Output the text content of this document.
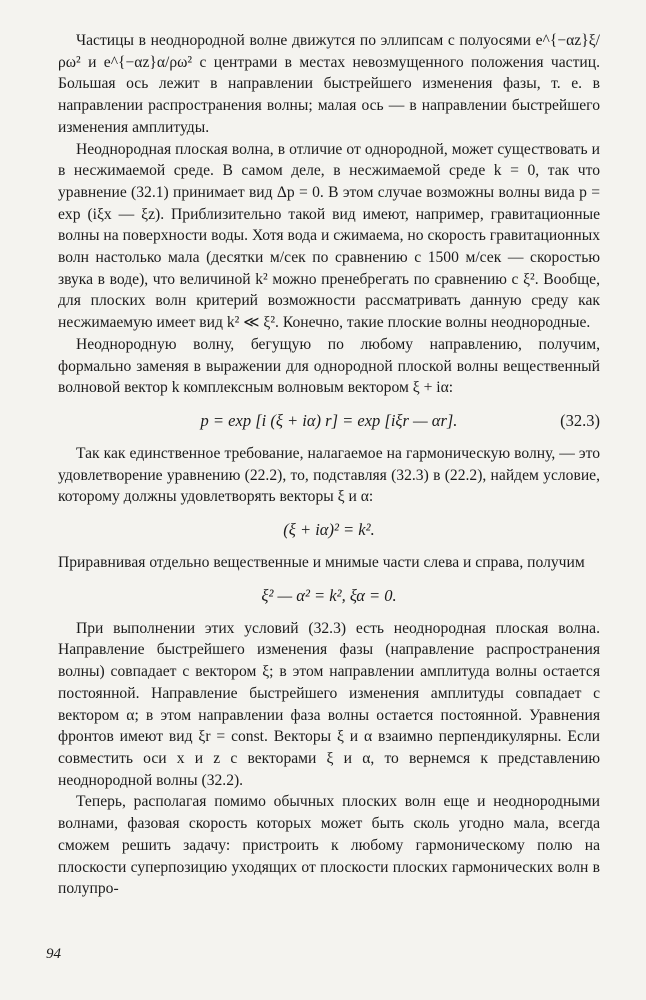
Частицы в неоднородной волне движутся по эллипсам с полуосями e^{−αz}ξ/ρω² и e^{−αz}α/ρω² с центрами в местах невозмущенного положения частиц. Большая ось лежит в направлении быстрейшего изменения фазы, т. е. в направлении распространения волны; малая ось — в направлении быстрейшего изменения амплитуды.

Неоднородная плоская волна, в отличие от однородной, может существовать и в несжимаемой среде. В самом деле, в несжимаемой среде k = 0, так что уравнение (32.1) принимает вид Δp = 0. В этом случае возможны волны вида p = exp (iξx — ξz). Приблизительно такой вид имеют, например, гравитационные волны на поверхности воды. Хотя вода и сжимаема, но скорость гравитационных волн настолько мала (десятки м/сек по сравнению с 1500 м/сек — скоростью звука в воде), что величиной k² можно пренебрегать по сравнению с ξ². Вообще, для плоских волн критерий возможности рассматривать данную среду как несжимаемую имеет вид k² ≪ ξ². Конечно, такие плоские волны неоднородные.

Неоднородную волну, бегущую по любому направлению, получим, формально заменяя в выражении для однородной плоской волны вещественный волновой вектор k комплексным волновым вектором ξ + iα:

p = exp [i (ξ + iα) r] = exp [iξr — αr].	(32.3)

Так как единственное требование, налагаемое на гармоническую волну, — это удовлетворение уравнению (22.2), то, подставляя (32.3) в (22.2), найдем условие, которому должны удовлетворять векторы ξ и α:

(ξ + iα)² = k².

Приравнивая отдельно вещественные и мнимые части слева и справа, получим

ξ² — α² = k², ξα = 0.

При выполнении этих условий (32.3) есть неоднородная плоская волна. Направление быстрейшего изменения фазы (направление распространения волны) совпадает с вектором ξ; в этом направлении амплитуда волны остается постоянной. Направление быстрейшего изменения амплитуды совпадает с вектором α; в этом направлении фаза волны остается постоянной. Уравнения фронтов имеют вид ξr = const. Векторы ξ и α взаимно перпендикулярны. Если совместить оси x и z с векторами ξ и α, то вернемся к представлению неоднородной волны (32.2).

Теперь, располагая помимо обычных плоских волн еще и неоднородными волнами, фазовая скорость которых может быть сколь угодно мала, всегда сможем решить задачу: пристроить к любому гармоническому полю на плоскости суперпозицию уходящих от плоскости плоских гармонических волн в полупро-

94
